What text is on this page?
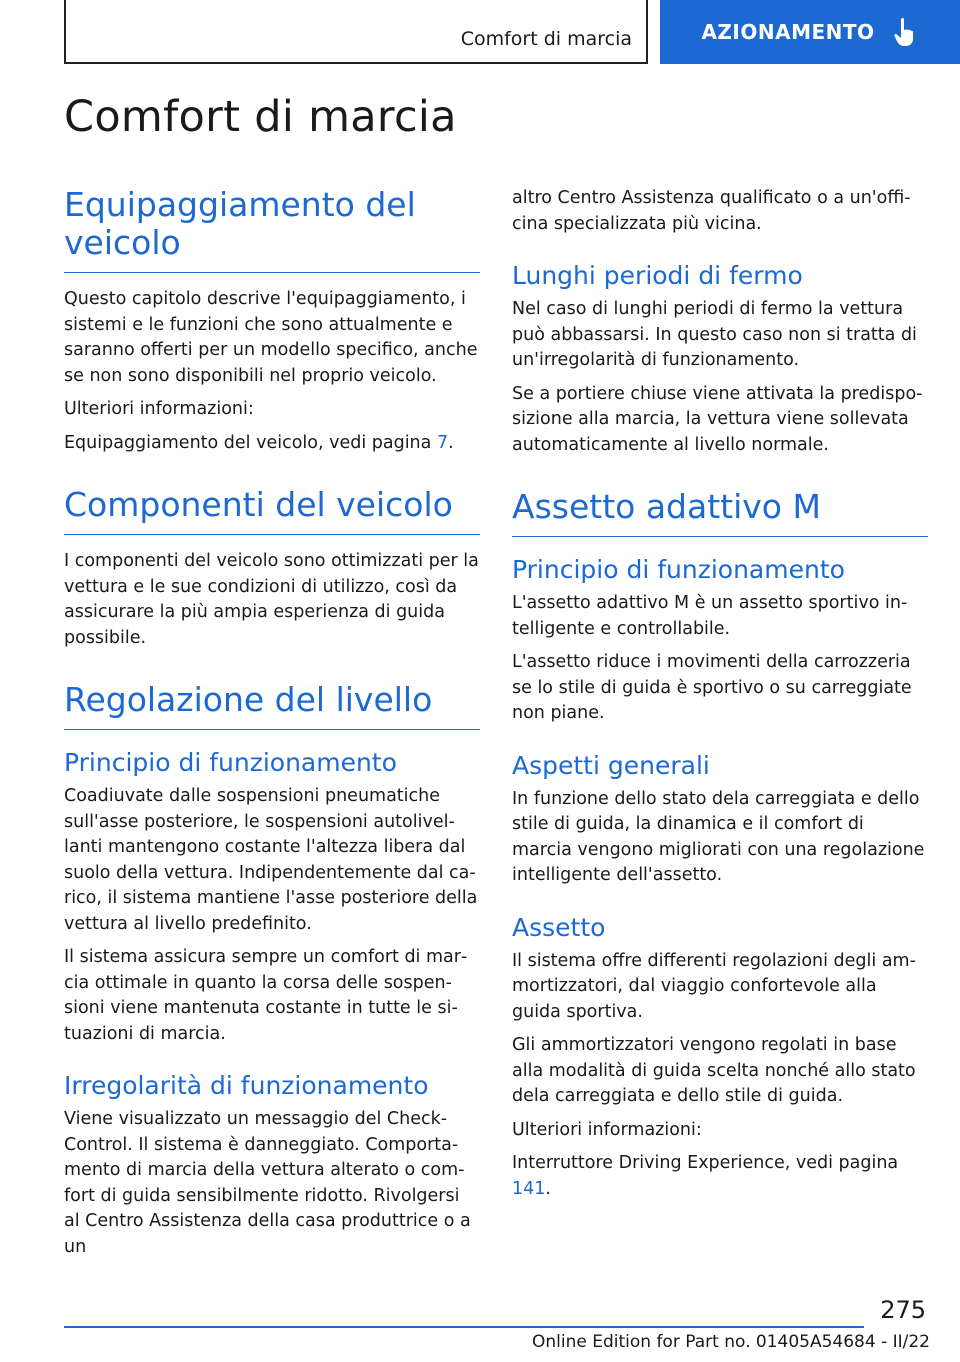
Comfort di marcia	AZIONAMENTO
Comfort di marcia
Equipaggiamento del veicolo

Questo capitolo descrive l'equipaggiamento, i sistemi e le funzioni che sono attualmente e saranno offerti per un modello specifico, anche se non sono disponibili nel proprio veicolo.

Ulteriori informazioni:

Equipaggiamento del veicolo, vedi pagina 7.

Componenti del veicolo

I componenti del veicolo sono ottimizzati per la vettura e le sue condizioni di utilizzo, così da assicurare la più ampia esperienza di guida possibile.

Regolazione del livello
Principio di funzionamento

Coadiuvate dalle sospensioni pneumatiche sull'asse posteriore, le sospensioni autolivellanti mantengono costante l'altezza libera dal suolo della vettura. Indipendentemente dal carico, il sistema mantiene l'asse posteriore della vettura al livello predefinito.

Il sistema assicura sempre un comfort di marcia ottimale in quanto la corsa delle sospensioni viene mantenuta costante in tutte le situazioni di marcia.

Irregolarità di funzionamento

Viene visualizzato un messaggio del Check-Control. Il sistema è danneggiato. Comportamento di marcia della vettura alterato o comfort di guida sensibilmente ridotto. Rivolgersi al Centro Assistenza della casa produttrice o a un

altro Centro Assistenza qualificato o a un'officina specializzata più vicina.

Lunghi periodi di fermo

Nel caso di lunghi periodi di fermo la vettura può abbassarsi. In questo caso non si tratta di un'irregolarità di funzionamento.

Se a portiere chiuse viene attivata la predisposizione alla marcia, la vettura viene sollevata automaticamente al livello normale.

Assetto adattivo M
Principio di funzionamento

L'assetto adattivo M è un assetto sportivo intelligente e controllabile.

L'assetto riduce i movimenti della carrozzeria se lo stile di guida è sportivo o su carreggiate non piane.

Aspetti generali

In funzione dello stato dela carreggiata e dello stile di guida, la dinamica e il comfort di marcia vengono migliorati con una regolazione intelligente dell'assetto.

Assetto

Il sistema offre differenti regolazioni degli ammortizzatori, dal viaggio confortevole alla guida sportiva.

Gli ammortizzatori vengono regolati in base alla modalità di guida scelta nonché allo stato dela carreggiata e dello stile di guida.

Ulteriori informazioni:

Interruttore Driving Experience, vedi pagina 141.

275
Online Edition for Part no. 01405A54684 - II/22
